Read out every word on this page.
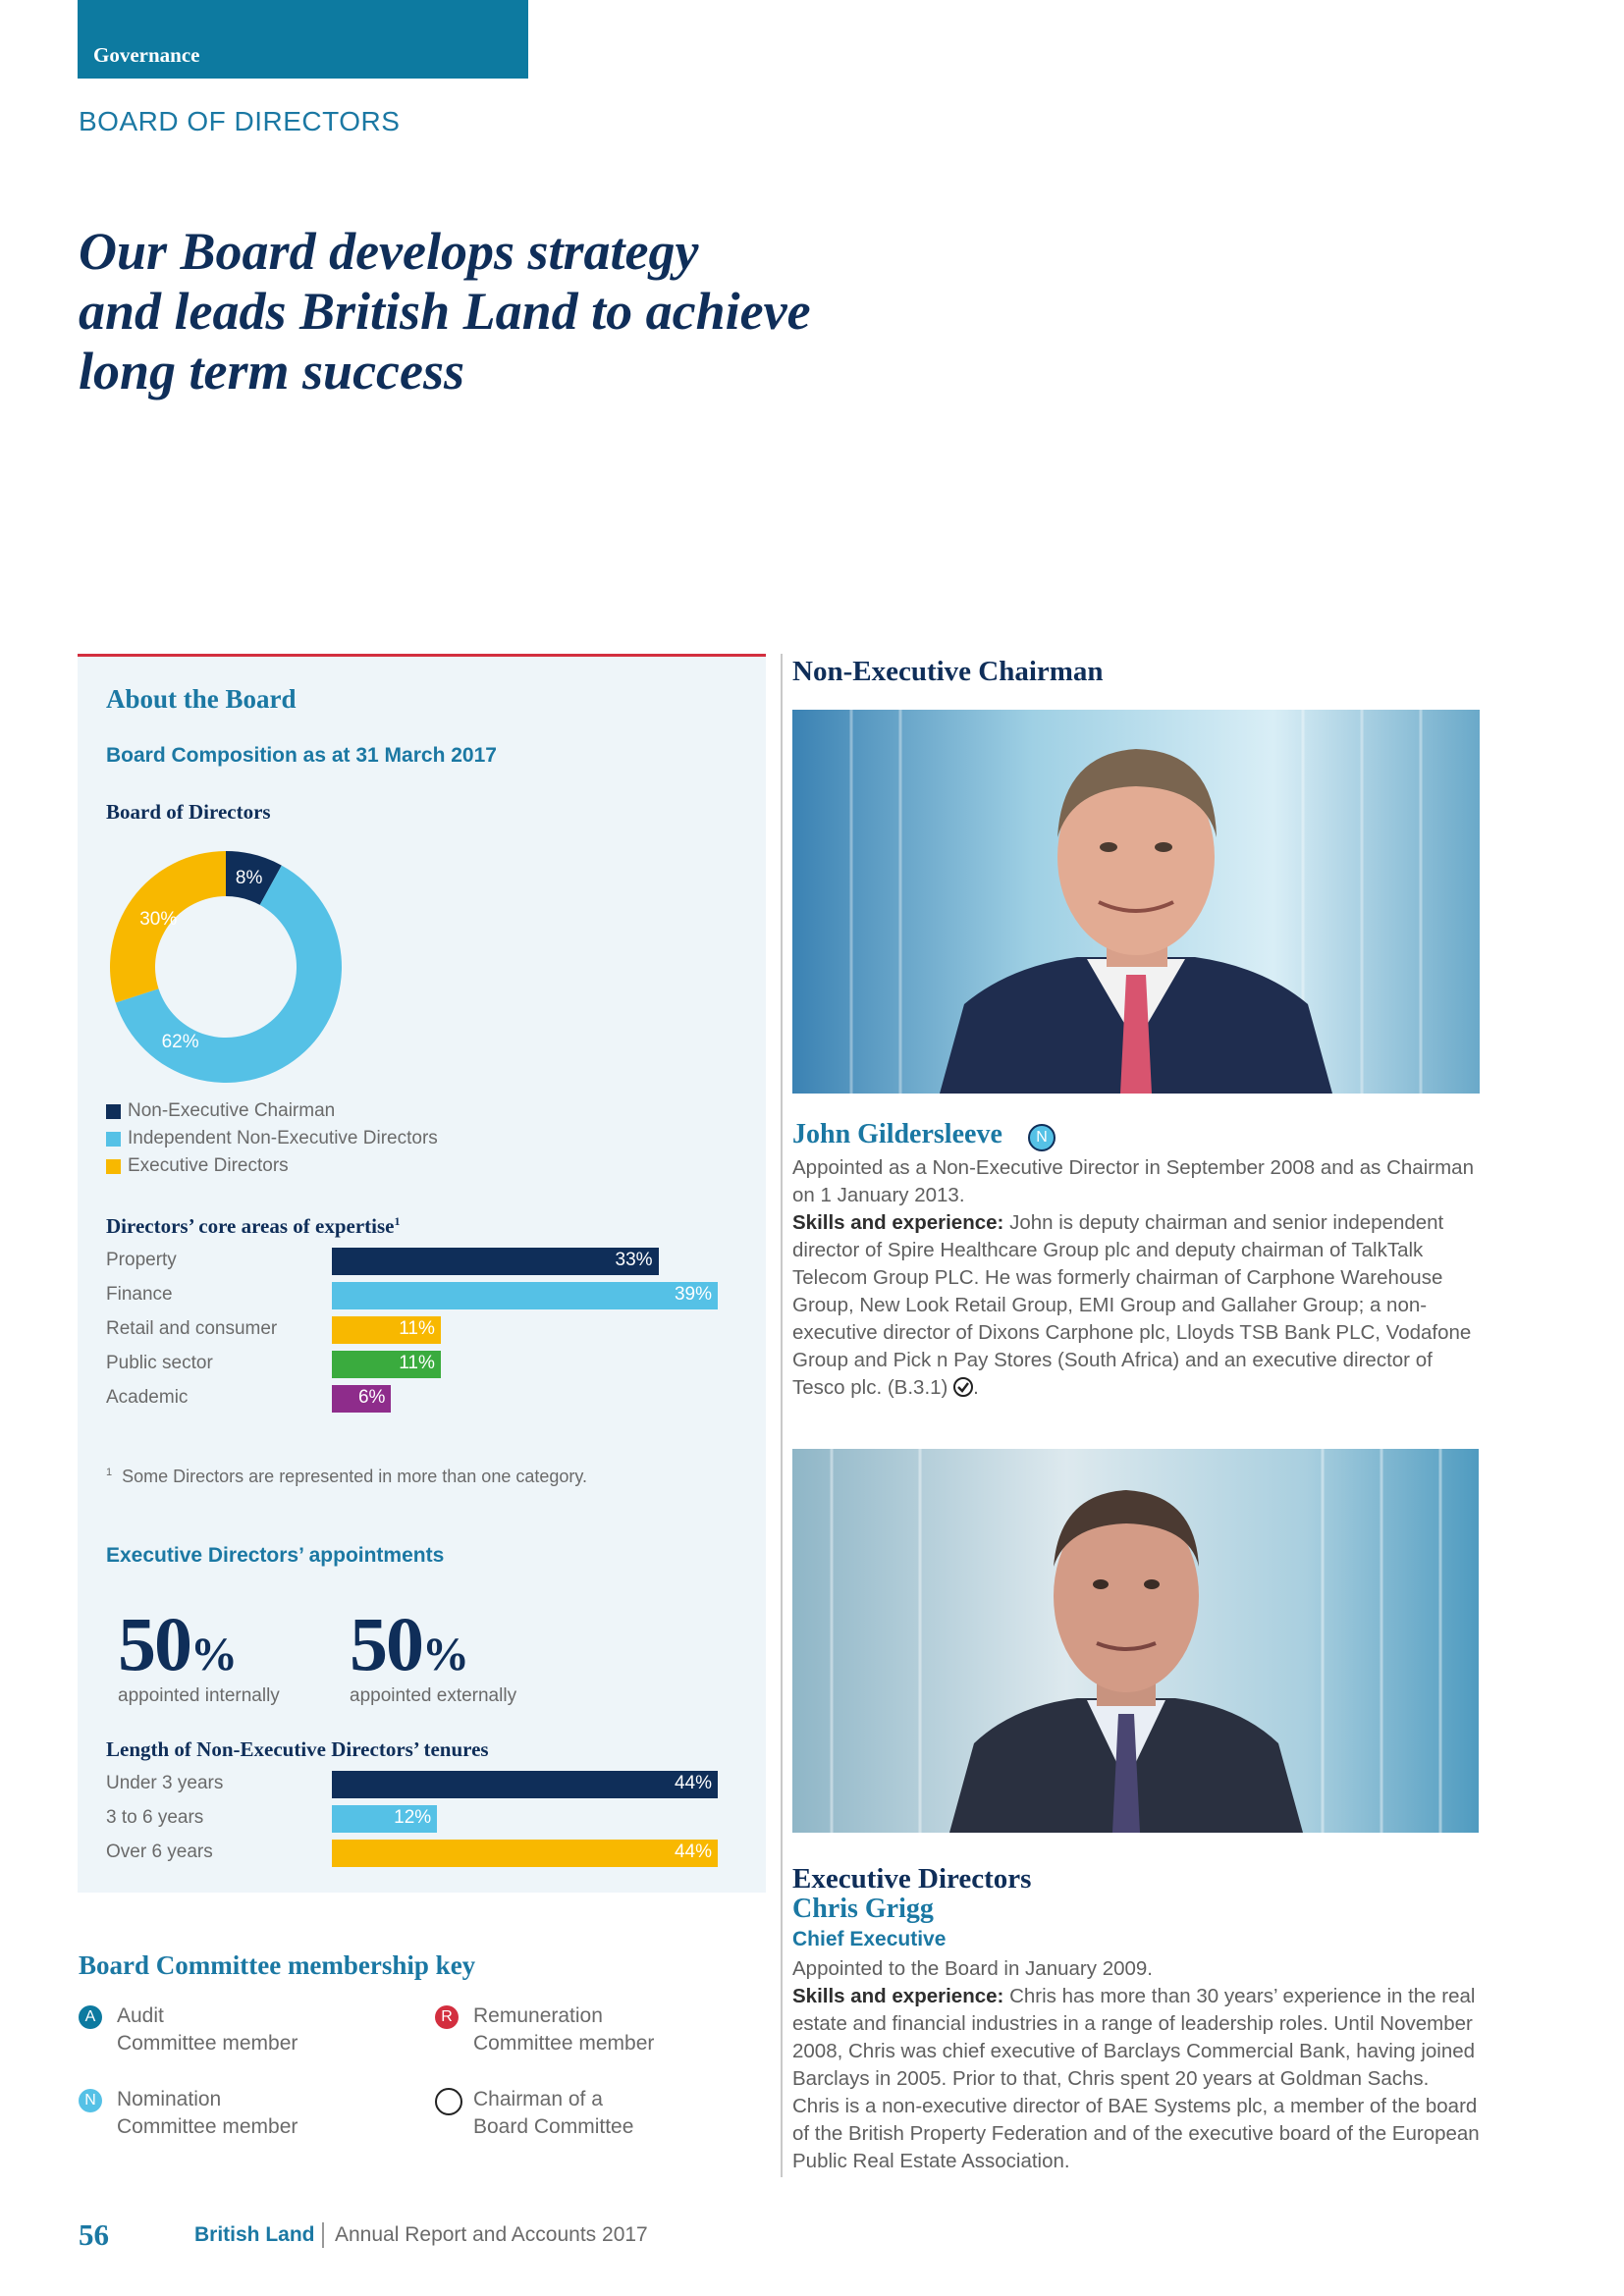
Governance
BOARD OF DIRECTORS
Our Board develops strategy
and leads British Land to achieve
long term success
About the Board
Board Composition as at 31 March 2017
Board of Directors
8%
62%
30%
Non-Executive Chairman
Independent Non-Executive Directors
Executive Directors
Directors’ core areas of expertise$^1$
Property	33%
Finance	39%
Retail and consumer	11%
Public sector	11%
Academic	6%
$^1$ Some Directors are represented in more than one category.
Executive Directors’ appointments
50%
appointed internally
50%
appointed externally
Length of Non-Executive Directors’ tenures
Under 3 years	44%
3 to 6 years	12%
Over 6 years	44%
Board Committee membership key
A	Audit
Committee member
R Remuneration
Committee member
N Nomination
Committee member
Chairman of a
Board Committee
Non-Executive Chairman
John Gildersleeve	N
Appointed as a Non-Executive Director in September 2008 and as Chairman on 1 January 2013.
Skills and experience: John is deputy chairman and senior independent director of Spire Healthcare Group plc and deputy chairman of TalkTalk Telecom Group PLC. He was formerly chairman of Carphone Warehouse Group, New Look Retail Group, EMI Group and Gallaher Group; a non-executive director of Dixons Carphone plc, Lloyds TSB Bank PLC, Vodafone Group and Pick n Pay Stores (South Africa) and an executive director of Tesco plc. (B.3.1) .
Executive Directors
Chris Grigg
Chief Executive
Appointed to the Board in January 2009.
Skills and experience: Chris has more than 30 years’ experience in the real estate and financial industries in a range of leadership roles. Until November 2008, Chris was chief executive of Barclays Commercial Bank, having joined Barclays in 2005. Prior to that, Chris spent 20 years at Goldman Sachs. Chris is a non-executive director of BAE Systems plc, a member of the board of the British Property Federation and of the executive board of the European Public Real Estate Association.
56	British Land Annual Report and Accounts 2017
